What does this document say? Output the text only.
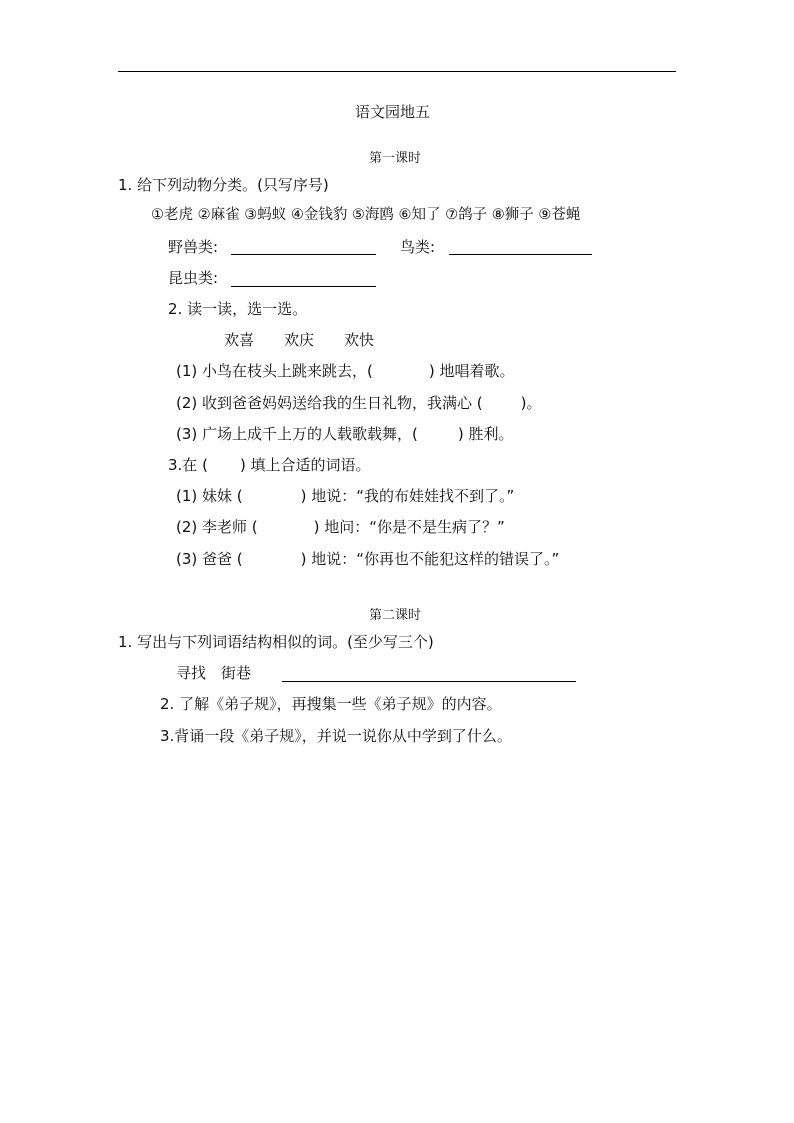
语文园地五
第一课时
1. 给下列动物分类。(只写序号)
①老虎 ②麻雀 ③蚂蚁 ④金钱豹 ⑤海鸥 ⑥知了 ⑦鸽子 ⑧狮子 ⑨苍蝇
野兽类:	鸟类:
昆虫类:
2. 读一读，选一选。
欢喜　　欢庆　　欢快
(1) 小鸟在枝头上跳来跳去，(	) 地唱着歌。
(2) 收到爸爸妈妈送给我的生日礼物，我满心 (	)。
(3) 广场上成千上万的人载歌载舞，(	) 胜利。
3.在 ( ) 填上合适的词语。
(1) 妹妹 (	) 地说：“我的布娃娃找不到了。”
(2) 李老师 (	) 地问：“你是不是生病了？”
(3) 爸爸 (	) 地说：“你再也不能犯这样的错误了。”
第二课时
1. 写出与下列词语结构相似的词。(至少写三个)
寻找　街巷
2. 了解《弟子规》，再搜集一些《弟子规》的内容。
3.背诵一段《弟子规》，并说一说你从中学到了什么。
